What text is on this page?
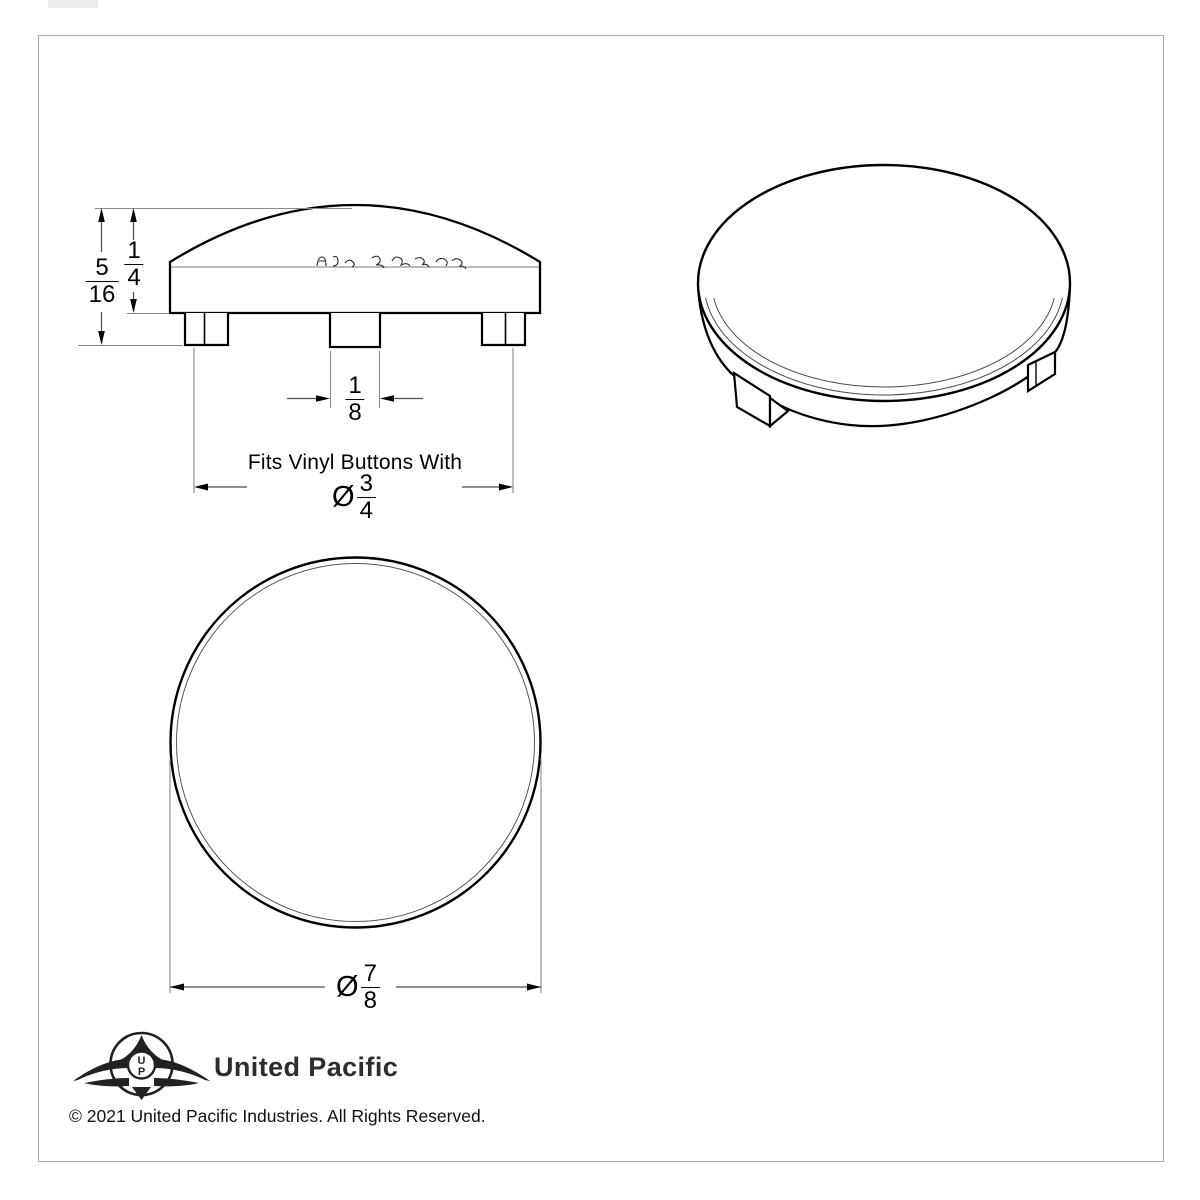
U
P
$\frac{5}{16} \frac{1}{4}$
$\frac{1}{8}$
Fits Vinyl Buttons With
Ø $\frac{3}{4}$
Ø $\frac{7}{8}$
United Pacific
© 2021 United Pacific Industries. All Rights Reserved.
